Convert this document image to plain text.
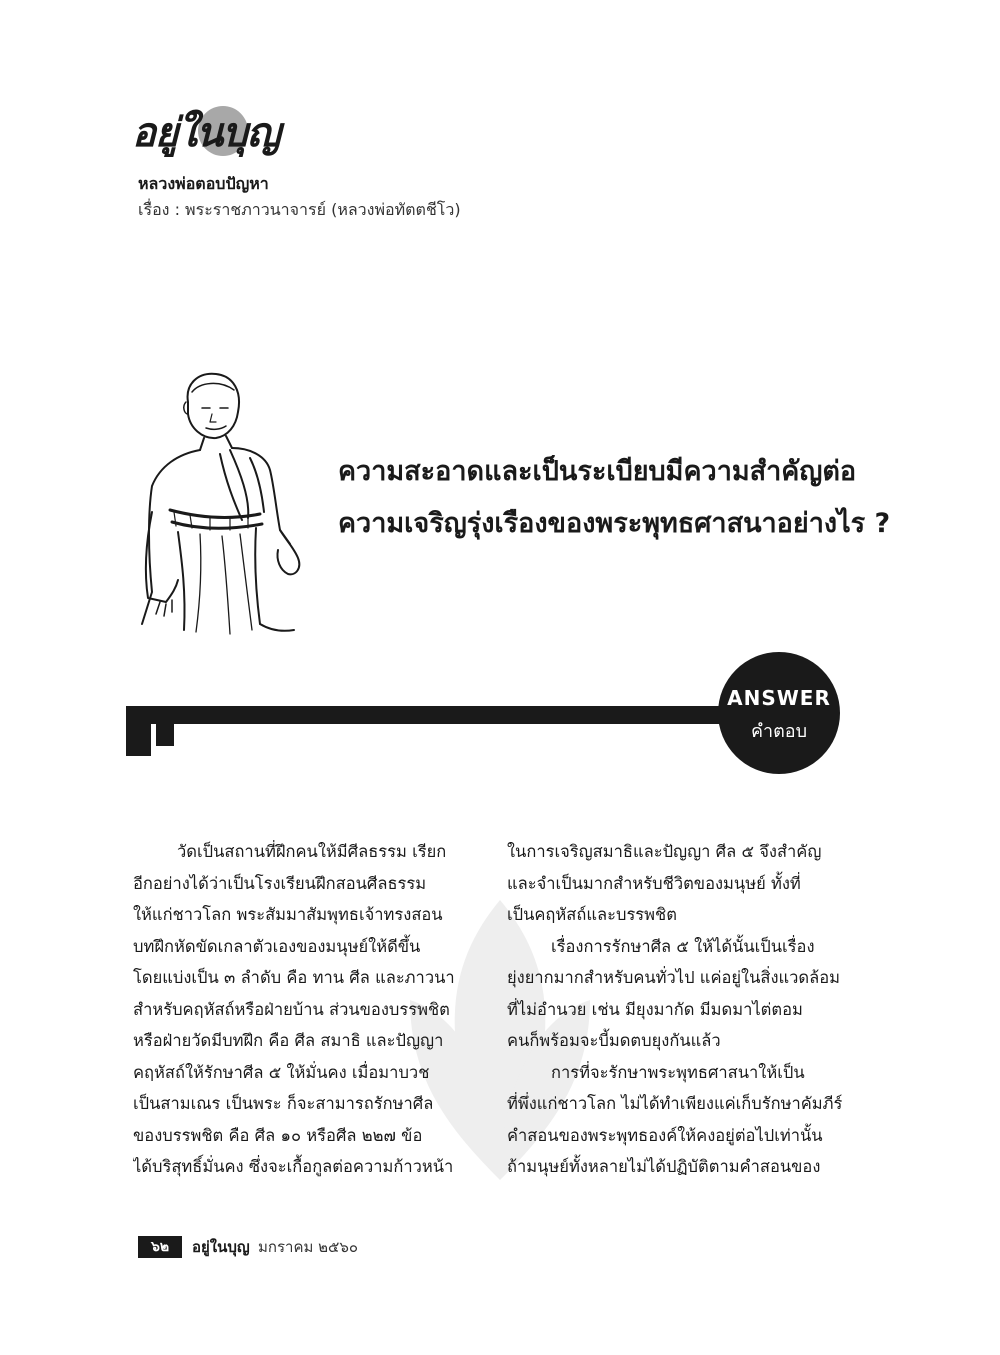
อยู่ในบุญ
หลวงพ่อตอบปัญหา
เรื่อง : พระราชภาวนาจารย์ (หลวงพ่อทัตตชีโว)
ความสะอาดและเป็นระเบียบมีความสำคัญต่อ
ความเจริญรุ่งเรืองของพระพุทธศาสนาอย่างไร ?
ANSWER
คำตอบ
วัดเป็นสถานที่ฝึกคนให้มีศีลธรรม เรียก
อีกอย่างได้ว่าเป็นโรงเรียนฝึกสอนศีลธรรม
ให้แก่ชาวโลก พระสัมมาสัมพุทธเจ้าทรงสอน
บทฝึกหัดขัดเกลาตัวเองของมนุษย์ให้ดีขึ้น
โดยแบ่งเป็น ๓ ลำดับ คือ ทาน ศีล และภาวนา
สำหรับคฤหัสถ์หรือฝ่ายบ้าน ส่วนของบรรพชิต
หรือฝ่ายวัดมีบทฝึก คือ ศีล สมาธิ และปัญญา
คฤหัสถ์ให้รักษาศีล ๕ ให้มั่นคง เมื่อมาบวช
เป็นสามเณร เป็นพระ ก็จะสามารถรักษาศีล
ของบรรพชิต คือ ศีล ๑๐ หรือศีล ๒๒๗ ข้อ
ได้บริสุทธิ์มั่นคง ซึ่งจะเกื้อกูลต่อความก้าวหน้า
ในการเจริญสมาธิและปัญญา ศีล ๕ จึงสำคัญ
และจำเป็นมากสำหรับชีวิตของมนุษย์ ทั้งที่
เป็นคฤหัสถ์และบรรพชิต
เรื่องการรักษาศีล ๕ ให้ได้นั้นเป็นเรื่อง
ยุ่งยากมากสำหรับคนทั่วไป แค่อยู่ในสิ่งแวดล้อม
ที่ไม่อำนวย เช่น มียุงมากัด มีมดมาไต่ตอม
คนก็พร้อมจะบี้มดตบยุงกันแล้ว
การที่จะรักษาพระพุทธศาสนาให้เป็น
ที่พึ่งแก่ชาวโลก ไม่ได้ทำเพียงแค่เก็บรักษาคัมภีร์
คำสอนของพระพุทธองค์ให้คงอยู่ต่อไปเท่านั้น
ถ้ามนุษย์ทั้งหลายไม่ได้ปฏิบัติตามคำสอนของ
๖๒	อยู่ในบุญ มกราคม ๒๕๖๐
